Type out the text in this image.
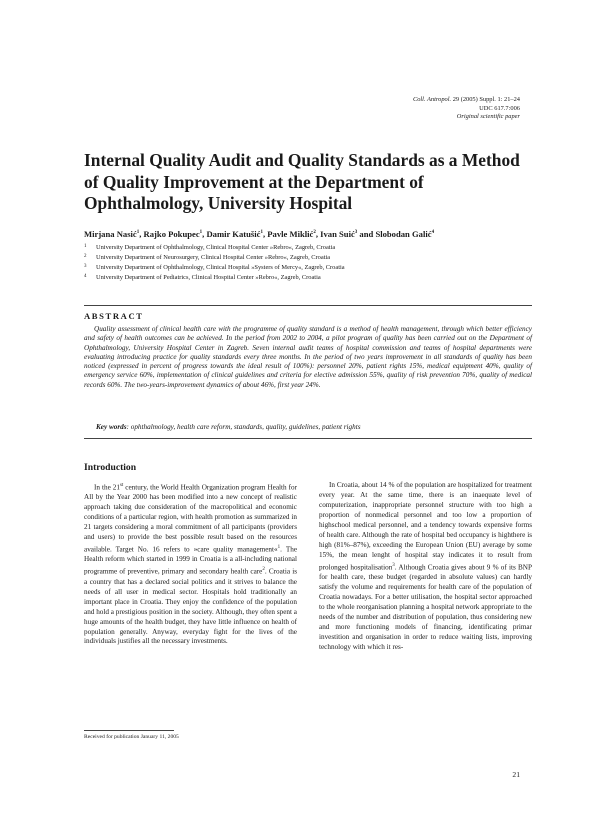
Coll. Antropol. 29 (2005) Suppl. 1: 21–24
UDC 617.7:006
Original scientific paper
Internal Quality Audit and Quality Standards as a Method of Quality Improvement at the Department of Ophthalmology, University Hospital
Mirjana Nasić$^1$, Rajko Pokupec$^1$, Damir Katušić$^1$, Pavle Miklić$^2$, Ivan Suić$^3$ and Slobodan Galić$^4$
1 University Department of Ophthalmology, Clinical Hospital Center »Rebro«, Zagreb, Croatia
2 University Department of Neurosurgery, Clinical Hospital Center »Rebro«, Zagreb, Croatia
3 University Department of Ophthalmology, Clinical Hospital »Systers of Mercy«, Zagreb, Croatia
4 University Department of Pediatrics, Clinical Hospital Center »Rebro«, Zagreb, Croatia
ABSTRACT

Quality assessment of clinical health care with the programme of quality standard is a method of health management, through which better efficiency and safety of health outcomes can be achieved. In the period from 2002 to 2004, a pilot program of quality has been carried out on the Department of Ophthalmology, University Hospital Center in Zagreb. Seven internal audit teams of hospital commission and teams of hospital departments were evaluating introducing practice for quality standards every three months. In the period of two years improvement in all standards of quality has been noticed (expressed in percent of progress towards the ideal result of 100%): personnel 20%, patient rights 15%, medical equipment 40%, quality of emergency service 60%, implementation of clinical guidelines and criteria for elective admission 55%, quality of risk prevention 70%, quality of medical records 60%. The two-years-improvement dynamics of about 46%, first year 24%.

Key words: ophthalmology, health care reform, standards, quality, guidelines, patient rights
Introduction

In the 21st century, the World Health Organization program Health for All by the Year 2000 has been modified into a new concept of realistic approach taking due consideration of the macropolitical and economic conditions of a particular region, with health promotion as summarized in 21 targets considering a moral commitment of all participants (providers and users) to provide the best possible result based on the resources available. Target No. 16 refers to »care quality management«$^1$. The Health reform which started in 1999 in Croatia is a all-including national programme of preventive, primary and secondary health care$^2$. Croatia is a country that has a declared social politics and it strives to balance the needs of all user in medical sector. Hospitals hold traditionally an important place in Croatia. They enjoy the confidence of the population and hold a prestigious position in the society. Although, they often spent a huge amounts of the health budget, they have little influence on health of population generally. Anyway, everyday fight for the lives of the individuals justifies all the necessary investments.

In Croatia, about 14 % of the population are hospitalized for treatment every year. At the same time, there is an inaequate level of computerization, inappropriate personnel structure with too high a proportion of nonmedical personnel and too low a proportion of highschool medical personnel, and a tendency towards expensive forms of health care. Although the rate of hospital bed occupancy is highthere is high (81%–87%), exceeding the European Union (EU) average by some 15%, the mean lenght of hospital stay indicates it to result from prolonged hospitalisation$^3$. Although Croatia gives about 9 % of its BNP for health care, these budget (regarded in absolute values) can hardly satisfy the volume and requirements for health care of the population of Croatia nowadays. For a better utilisation, the hospital sector approached to the whole reorganisation planning a hospital network appropriate to the needs of the number and distribution of population, thus considering new and more functioning models of financing, identificating primar investition and organisation in order to reduce waiting lists, improving technology with which it res-

Received for publication January 11, 2005
21
